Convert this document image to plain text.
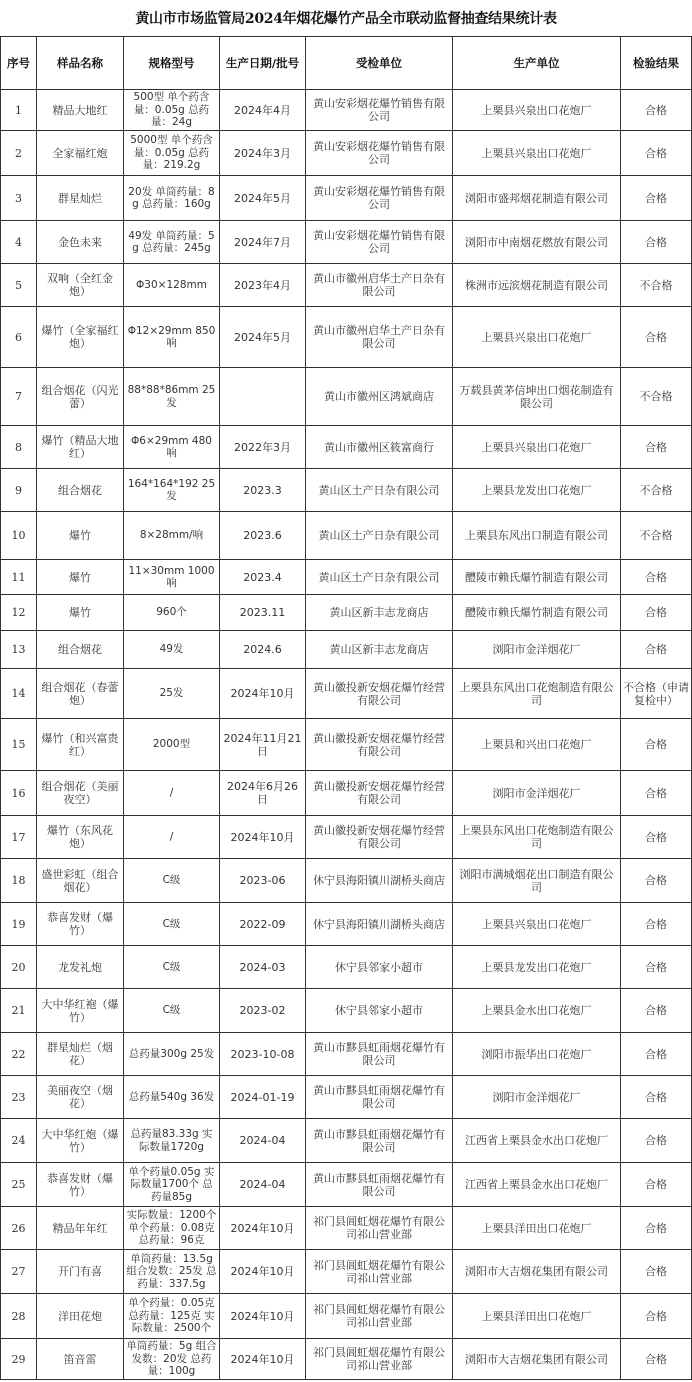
黄山市市场监管局2024年烟花爆竹产品全市联动监督抽查结果统计表
序号	样品名称	规格型号	生产日期/批号	受检单位	生产单位	检验结果
1	精品大地红	500型 单个药含量：0.05g 总药量：24g	2024年4月	黄山安彩烟花爆竹销售有限公司	上栗县兴泉出口花炮厂	合格
2	全家福红炮	5000型 单个药含量：0.05g 总药量：219.2g	2024年3月	黄山安彩烟花爆竹销售有限公司	上栗县兴泉出口花炮厂	合格
3	群星灿烂	20发 单筒药量：8g 总药量：160g	2024年5月	黄山安彩烟花爆竹销售有限公司	浏阳市盛邦烟花制造有限公司	合格
4	金色未来	49发 单筒药量：5g 总药量：245g	2024年7月	黄山安彩烟花爆竹销售有限公司	浏阳市中南烟花燃放有限公司	合格
5	双响（全红金炮）	Φ30×128mm	2023年4月	黄山市徽州启华土产日杂有限公司	株洲市远滨烟花制造有限公司	不合格
6	爆竹（全家福红炮）	Φ12×29mm 850响	2024年5月	黄山市徽州启华土产日杂有限公司	上栗县兴泉出口花炮厂	合格
7	组合烟花（闪光蕾）	88*88*86mm 25发		黄山市徽州区鸿斌商店	万载县黄茅信坤出口烟花制造有限公司	不合格
8	爆竹（精品大地红）	Φ6×29mm 480响	2022年3月	黄山市徽州区筱富商行	上栗县兴泉出口花炮厂	合格
9	组合烟花	164*164*192 25 发	2023.3	黄山区土产日杂有限公司	上栗县龙发出口花炮厂	不合格
10	爆竹	8×28mm/响	2023.6	黄山区土产日杂有限公司	上栗县东风出口制造有限公司	不合格
11	爆竹	11×30mm 1000响	2023.4	黄山区土产日杂有限公司	醴陵市赖氏爆竹制造有限公司	合格
12	爆竹	960个	2023.11	黄山区新丰志龙商店	醴陵市赖氏爆竹制造有限公司	合格
13	组合烟花	49发	2024.6	黄山区新丰志龙商店	浏阳市金洋烟花厂	合格
14	组合烟花（春蕾炮）	25发	2024年10月	黄山徽投新安烟花爆竹经营有限公司	上栗县东风出口花炮制造有限公司	不合格（申请复检中）
15	爆竹（和兴富贵红）	2000型	2024年11月21日	黄山徽投新安烟花爆竹经营有限公司	上栗县和兴出口花炮厂	合格
16	组合烟花（美丽夜空）	/	2024年6月26日	黄山徽投新安烟花爆竹经营有限公司	浏阳市金洋烟花厂	合格
17	爆竹（东风花炮）	/	2024年10月	黄山徽投新安烟花爆竹经营有限公司	上栗县东风出口花炮制造有限公司	合格
18	盛世彩虹（组合烟花）	C级	2023-06	休宁县海阳镇川湖桥头商店	浏阳市满城烟花出口制造有限公司	合格
19	恭喜发财（爆竹）	C级	2022-09	休宁县海阳镇川湖桥头商店	上栗县兴泉出口花炮厂	合格
20	龙发礼炮	C级	2024-03	休宁县邻家小超市	上栗县龙发出口花炮厂	合格
21	大中华红袍（爆竹）	C级	2023-02	休宁县邻家小超市	上栗县金水出口花炮厂	合格
22	群星灿烂（烟花）	总药量300g 25发	2023-10-08	黄山市黟县虹雨烟花爆竹有限公司	浏阳市振华出口花炮厂	合格
23	美丽夜空（烟花）	总药量540g 36发	2024-01-19	黄山市黟县虹雨烟花爆竹有限公司	浏阳市金洋烟花厂	合格
24	大中华红炮（爆竹）	总药量83.33g 实际数量1720g	2024-04	黄山市黟县虹雨烟花爆竹有限公司	江西省上栗县金水出口花炮厂	合格
25	恭喜发财（爆竹）	单个药量0.05g 实际数量1700个 总药量85g	2024-04	黄山市黟县虹雨烟花爆竹有限公司	江西省上栗县金水出口花炮厂	合格
26	精品年年红	实际数量：1200个 单个药量：0.08克 总药量：96克	2024年10月	祁门县阊虹烟花爆竹有限公司祁山营业部	上栗县洋田出口花炮厂	合格
27	开门有喜	单筒药量：13.5g 组合发数：25发 总药量：337.5g	2024年10月	祁门县阊虹烟花爆竹有限公司祁山营业部	浏阳市大吉烟花集团有限公司	合格
28	洋田花炮	单个药量：0.05克 总药量：125克 实际数量：2500个	2024年10月	祁门县阊虹烟花爆竹有限公司祁山营业部	上栗县洋田出口花炮厂	合格
29	笛音雷	单筒药量：5g 组合发数：20发 总药量：100g	2024年10月	祁门县阊虹烟花爆竹有限公司祁山营业部	浏阳市大吉烟花集团有限公司	合格
